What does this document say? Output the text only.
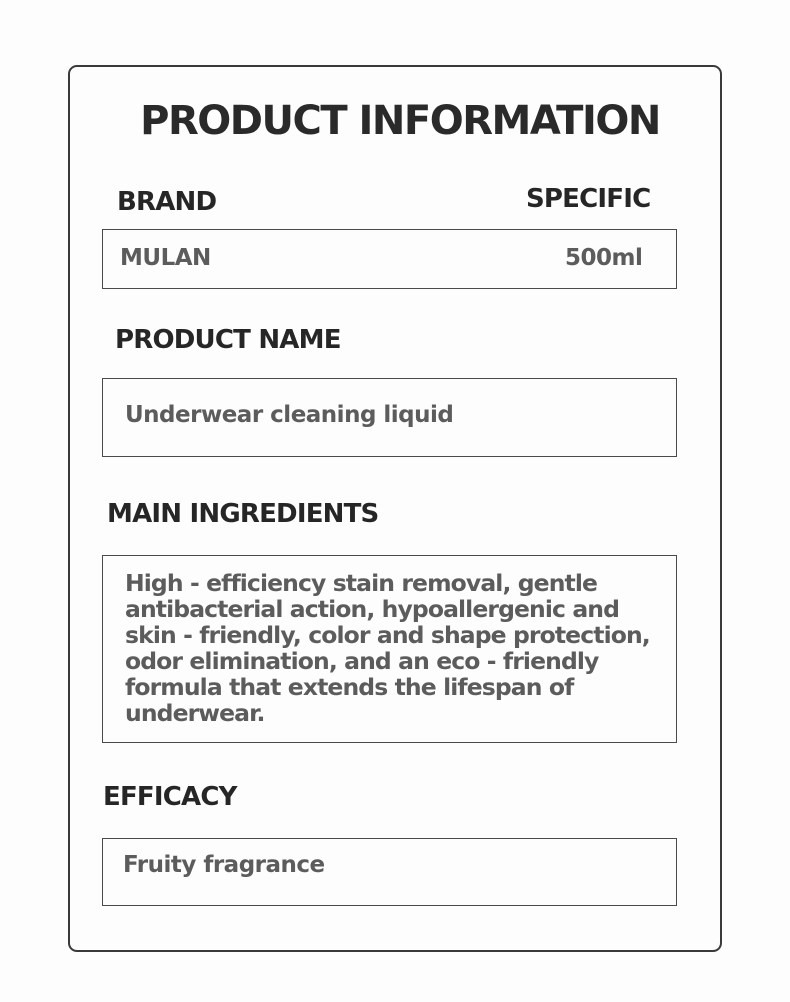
PRODUCT INFORMATION
BRAND	SPECIFIC
MULAN	500ml
PRODUCT NAME
Underwear cleaning liquid
MAIN INGREDIENTS
High - efficiency stain removal, gentle
antibacterial action, hypoallergenic and
skin - friendly, color and shape protection,
odor elimination, and an eco - friendly
formula that extends the lifespan of
underwear.
EFFICACY
Fruity fragrance
